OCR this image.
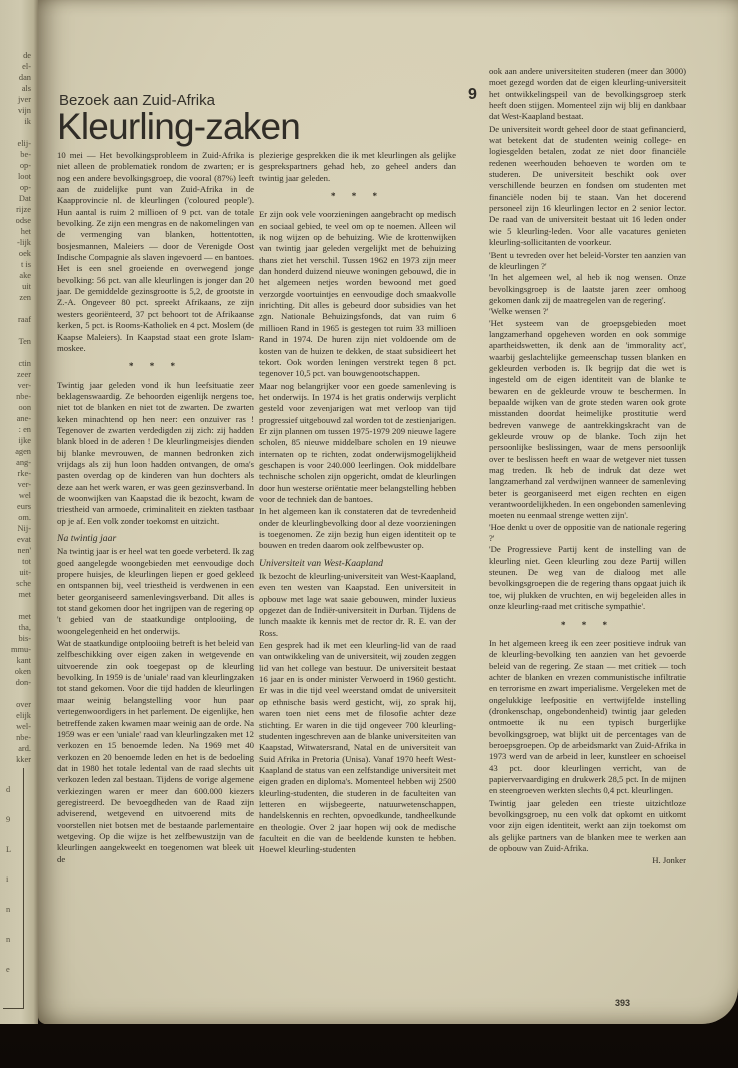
de
el-
dan
als
jver
vijn
ik

elij-
be-
op-
loot
op-
Dat
rijze
odse
het
-lijk
oek
t is
ake
uit
zen

raaf

Ten

ctin
zeer
ver-
nbe-
oon
ane-
: en
ijke
agen
ang-
rke-
ver-
wel
eurs
om.
Nij-
evat
nen'
tot
uit-
sche
met

met
tha,
bis-
mmu-
kant
oken
don-

over
elijk
wel-
nbe-
ard.
kker
d
9
L
i
n
n
e
Bezoek aan Zuid-Afrika
Kleurling-zaken
9

10 mei — Het bevolkingsprobleem in Zuid-Afrika is niet alleen de problematiek rondom de zwarten; er is nog een andere bevolkingsgroep, die vooral (87%) leeft aan de zuidelijke punt van Zuid-Afrika in de Kaapprovincie nl. de kleurlingen ('coloured people'). Hun aantal is ruim 2 millioen of 9 pct. van de totale bevolking. Ze zijn een mengras en de nakomelingen van de vermenging van blanken, hottentotten, bosjesmannen, Maleiers — door de Verenigde Oost Indische Compagnie als slaven ingevoerd — en bantoes. Het is een snel groeiende en overwegend jonge bevolking: 56 pct. van alle kleurlingen is jonger dan 20 jaar. De gemiddelde gezinsgrootte is 5,2, de grootste in Z.-A. Ongeveer 80 pct. spreekt Afrikaans, ze zijn westers georiënteerd, 37 pct behoort tot de Afrikaanse kerken, 5 pct. is Rooms-Katholiek en 4 pct. Moslem (de Kaapse Maleiers). In Kaapstad staat een grote Islam-moskee.

* * *

Twintig jaar geleden vond ik hun leefsituatie zeer beklagenswaardig. Ze behoorden eigenlijk nergens toe, niet tot de blanken en niet tot de zwarten. De zwarten keken minachtend op hen neer: een onzuiver ras ! Tegenover de zwarten verdedigden zij zich: zij hadden blank bloed in de aderen ! De kleurlingmeisjes dienden bij blanke mevrouwen, de mannen bedronken zich vrijdags als zij hun loon hadden ontvangen, de oma's pasten overdag op de kinderen van hun dochters als deze aan het werk waren, er was geen gezinsverband. In de woonwijken van Kaapstad die ik bezocht, kwam de triestheid van armoede, criminaliteit en ziekten tastbaar op je af. Een volk zonder toekomst en uitzicht.

Na twintig jaar

Na twintig jaar is er heel wat ten goede verbeterd. Ik zag goed aangelegde woongebieden met eenvoudige doch propere huisjes, de kleurlingen liepen er goed gekleed en ontspannen bij, veel triestheid is verdwenen in een beter georganiseerd samenlevingsverband. Dit alles is tot stand gekomen door het ingrijpen van de regering op 't gebied van de staatkundige ontplooiing, de woongelegenheid en het onderwijs.

Wat de staatkundige ontplooiing betreft is het beleid van zelfbeschikking over eigen zaken in wetgevende en uitvoerende zin ook toegepast op de kleurling bevolking. In 1959 is de 'uniale' raad van kleurlingzaken tot stand gekomen. Voor die tijd hadden de kleurlingen maar weinig belangstelling voor hun paar vertegenwoordigers in het parlement. De eigenlijke, hen betreffende zaken kwamen maar weinig aan de orde. Na 1959 was er een 'uniale' raad van kleurlingzaken met 12 verkozen en 15 benoemde leden. Na 1969 met 40 verkozen en 20 benoemde leden en het is de bedoeling dat in 1980 het totale ledental van de raad slechts uit verkozen leden zal bestaan. Tijdens de vorige algemene verkiezingen waren er meer dan 600.000 kiezers geregistreerd. De bevoegdheden van de Raad zijn adviserend, wetgevend en uitvoerend mits de voorstellen niet botsen met de bestaande parlementaire wetgeving. Op die wijze is het zelfbewustzijn van de kleurlingen aangekweekt en toegenomen wat bleek uit de

plezierige gesprekken die ik met kleurlingen als gelijke gesprekspartners gehad heb, zo geheel anders dan twintig jaar geleden.

* * *

Er zijn ook vele voorzieningen aangebracht op medisch en sociaal gebied, te veel om op te noemen. Alleen wil ik nog wijzen op de behuizing. Wie de krottenwijken van twintig jaar geleden vergelijkt met de behuizing thans ziet het verschil. Tussen 1962 en 1973 zijn meer dan honderd duizend nieuwe woningen gebouwd, die in het algemeen netjes worden bewoond met goed verzorgde voortuintjes en eenvoudige doch smaakvolle inrichting. Dit alles is gebeurd door subsidies van het zgn. Nationale Behuizingsfonds, dat van ruim 6 millioen Rand in 1965 is gestegen tot ruim 33 millioen Rand in 1974. De huren zijn niet voldoende om de kosten van de huizen te dekken, de staat subsidieert het tekort. Ook worden leningen verstrekt tegen 8 pct. tegenover 10,5 pct. van bouwgenootschappen.

Maar nog belangrijker voor een goede samenleving is het onderwijs. In 1974 is het gratis onderwijs verplicht gesteld voor zevenjarigen wat met verloop van tijd progressief uitgebouwd zal worden tot de zestienjarigen. Er zijn plannen om tussen 1975-1979 209 nieuwe lagere scholen, 85 nieuwe middelbare scholen en 19 nieuwe internaten op te richten, zodat onderwijsmogelijkheid geschapen is voor 240.000 leerlingen. Ook middelbare technische scholen zijn opgericht, omdat de kleurlingen door hun westerse oriëntatie meer belangstelling hebben voor de techniek dan de bantoes.

In het algemeen kan ik constateren dat de tevredenheid onder de kleurlingbevolking door al deze voorzieningen is toegenomen. Ze zijn bezig hun eigen identiteit op te bouwen en treden daarom ook zelfbewuster op.

Universiteit van West-Kaapland

Ik bezocht de kleurling-universiteit van West-Kaapland, even ten westen van Kaapstad. Een universiteit in opbouw met lage wat saaie gebouwen, minder luxieus opgezet dan de Indiër-universiteit in Durban. Tijdens de lunch maakte ik kennis met de rector dr. R. E. van der Ross.

Een gesprek had ik met een kleurling-lid van de raad van ontwikkeling van de universiteit, wij zouden zeggen lid van het college van bestuur. De universiteit bestaat 16 jaar en is onder minister Verwoerd in 1960 gesticht. Er was in die tijd veel weerstand omdat de universiteit op ethnische basis werd gesticht, wij, zo sprak hij, waren toen niet eens met de filosofie achter deze stichting. Er waren in die tijd ongeveer 700 kleurling-studenten ingeschreven aan de blanke universiteiten van Kaapstad, Witwatersrand, Natal en de universiteit van Suid Afrika in Pretoria (Unisa). Vanaf 1970 heeft West-Kaapland de status van een zelfstandige universiteit met eigen graden en diploma's. Momenteel hebben wij 2500 kleurling-studenten, die studeren in de faculteiten van letteren en wijsbegeerte, natuurwetenschappen, handelskennis en rechten, opvoedkunde, tandheelkunde en theologie. Over 2 jaar hopen wij ook de medische faculteit en die van de beeldende kunsten te hebben. Hoewel kleurling-studenten

ook aan andere universiteiten studeren (meer dan 3000) moet gezegd worden dat de eigen kleurling-universiteit het ontwikkelingspeil van de bevolkingsgroep sterk heeft doen stijgen. Momenteel zijn wij blij en dankbaar dat West-Kaapland bestaat.

De universiteit wordt geheel door de staat gefinancierd, wat betekent dat de studenten weinig college- en logiesgelden betalen, zodat ze niet door financiële redenen weerhouden behoeven te worden om te studeren. De universiteit beschikt ook over verschillende beurzen en fondsen om studenten met financiële noden bij te staan. Van het docerend personeel zijn 16 kleurlingen lector en 2 senior lector. De raad van de universiteit bestaat uit 16 leden onder wie 5 kleurling-leden. Voor alle vacatures genieten kleurling-sollicitanten de voorkeur.

'Bent u tevreden over het beleid-Vorster ten aanzien van de kleurlingen ?'

'In het algemeen wel, al heb ik nog wensen. Onze bevolkingsgroep is de laatste jaren zeer omhoog gekomen dank zij de maatregelen van de regering'.

'Welke wensen ?'

'Het systeem van de groepsgebieden moet langzamerhand opgeheven worden en ook sommige apartheidswetten, ik denk aan de 'immorality act', waarbij geslachtelijke gemeenschap tussen blanken en gekleurden verboden is. Ik begrijp dat die wet is ingesteld om de eigen identiteit van de blanke te bewaren en de gekleurde vrouw te beschermen. In bepaalde wijken van de grote steden waren ook grote misstanden doordat heimelijke prostitutie werd bedreven vanwege de aantrekkingskracht van de gekleurde vrouw op de blanke. Toch zijn het persoonlijke beslissingen, waar de mens persoonlijk over te beslissen heeft en waar de wetgever niet tussen mag treden. Ik heb de indruk dat deze wet langzamerhand zal verdwijnen wanneer de samenleving beter is georganiseerd met eigen rechten en eigen verantwoordelijkheden. In een ongebonden samenleving moeten nu eenmaal strenge wetten zijn'.

'Hoe denkt u over de oppositie van de nationale regering ?'

'De Progressieve Partij kent de instelling van de kleurling niet. Geen kleurling zou deze Partij willen steunen. De weg van de dialoog met alle bevolkingsgroepen die de regering thans opgaat juich ik toe, wij plukken de vruchten, en wij begeleiden alles in onze kleurling-raad met critische sympathie'.

* * *

In het algemeen kreeg ik een zeer positieve indruk van de kleurling-bevolking ten aanzien van het gevoerde beleid van de regering. Ze staan — met critiek — toch achter de blanken en vrezen communistische infiltratie en terrorisme en zwart imperialisme. Vergeleken met de ongelukkige leefpositie en vertwijfelde instelling (dronkenschap, ongebondenheid) twintig jaar geleden ontmoette ik nu een typisch burgerlijke bevolkingsgroep, wat blijkt uit de percentages van de beroepsgroepen. Op de arbeidsmarkt van Zuid-Afrika in 1973 werd van de arbeid in leer, kunstleer en schoeisel 43 pct. door kleurlingen verricht, van de papiervervaardiging en drukwerk 28,5 pct. In de mijnen en steengroeven werkten slechts 0,4 pct. kleurlingen.

Twintig jaar geleden een trieste uitzichtloze bevolkingsgroep, nu een volk dat opkomt en uitkomt voor zijn eigen identiteit, werkt aan zijn toekomst om als gelijke partners van de blanken mee te werken aan de opbouw van Zuid-Afrika.

H. Jonker

393
